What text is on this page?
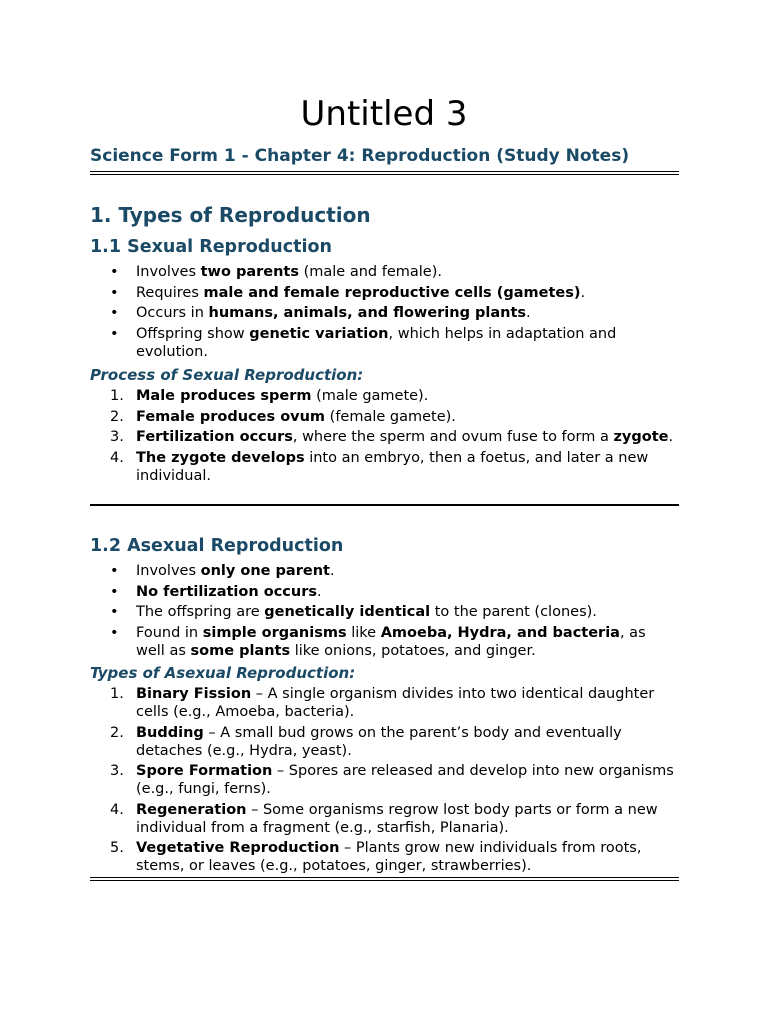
Untitled 3
Science Form 1 - Chapter 4: Reproduction (Study Notes)
1. Types of Reproduction
1.1 Sexual Reproduction
•	Involves two parents (male and female).
•	Requires male and female reproductive cells (gametes).
•	Occurs in humans, animals, and flowering plants.
•	Offspring show genetic variation, which helps in adaptation and evolution.
Process of Sexual Reproduction:
1. Male produces sperm (male gamete).
2. Female produces ovum (female gamete).
3. Fertilization occurs, where the sperm and ovum fuse to form a zygote.
4. The zygote develops into an embryo, then a foetus, and later a new individual.
1.2 Asexual Reproduction
•	Involves only one parent.
•	No fertilization occurs.
•	The offspring are genetically identical to the parent (clones).
•	Found in simple organisms like Amoeba, Hydra, and bacteria, as well as some plants like onions, potatoes, and ginger.
Types of Asexual Reproduction:
1. Binary Fission – A single organism divides into two identical daughter cells (e.g., Amoeba, bacteria).
2. Budding – A small bud grows on the parent’s body and eventually detaches (e.g., Hydra, yeast).
3. Spore Formation – Spores are released and develop into new organisms (e.g., fungi, ferns).
4. Regeneration – Some organisms regrow lost body parts or form a new individual from a fragment (e.g., starfish, Planaria).
5. Vegetative Reproduction – Plants grow new individuals from roots, stems, or leaves (e.g., potatoes, ginger, strawberries).
